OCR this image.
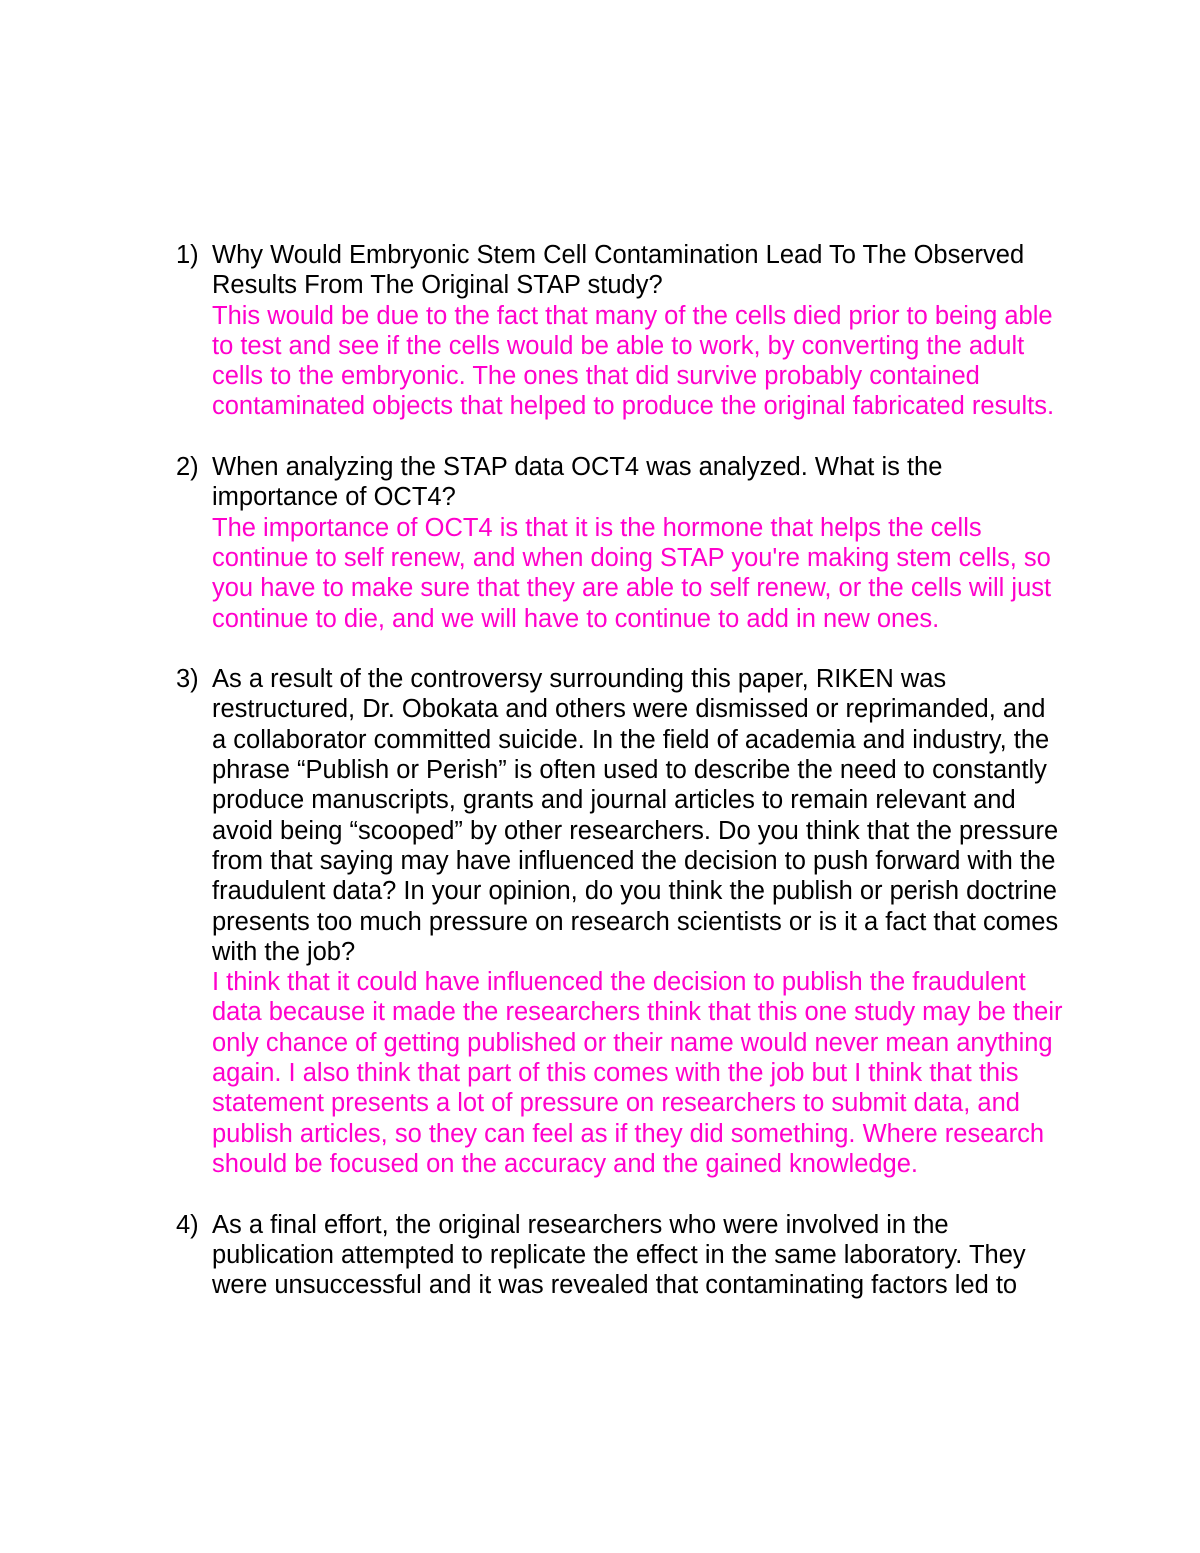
1) Why Would Embryonic Stem Cell Contamination Lead To The Observed Results From The Original STAP study?
This would be due to the fact that many of the cells died prior to being able to test and see if the cells would be able to work, by converting the adult cells to the embryonic. The ones that did survive probably contained contaminated objects that helped to produce the original fabricated results.
2) When analyzing the STAP data OCT4 was analyzed. What is the importance of OCT4?
The importance of OCT4 is that it is the hormone that helps the cells continue to self renew, and when doing STAP you're making stem cells, so you have to make sure that they are able to self renew, or the cells will just continue to die, and we will have to continue to add in new ones.
3) As a result of the controversy surrounding this paper, RIKEN was restructured, Dr. Obokata and others were dismissed or reprimanded, and a collaborator committed suicide. In the field of academia and industry, the phrase “Publish or Perish” is often used to describe the need to constantly produce manuscripts, grants and journal articles to remain relevant and avoid being “scooped” by other researchers. Do you think that the pressure from that saying may have influenced the decision to push forward with the fraudulent data? In your opinion, do you think the publish or perish doctrine presents too much pressure on research scientists or is it a fact that comes with the job?
I think that it could have influenced the decision to publish the fraudulent data because it made the researchers think that this one study may be their only chance of getting published or their name would never mean anything again. I also think that part of this comes with the job but I think that this statement presents a lot of pressure on researchers to submit data, and publish articles, so they can feel as if they did something. Where research should be focused on the accuracy and the gained knowledge.
4) As a final effort, the original researchers who were involved in the publication attempted to replicate the effect in the same laboratory. They were unsuccessful and it was revealed that contaminating factors led to
